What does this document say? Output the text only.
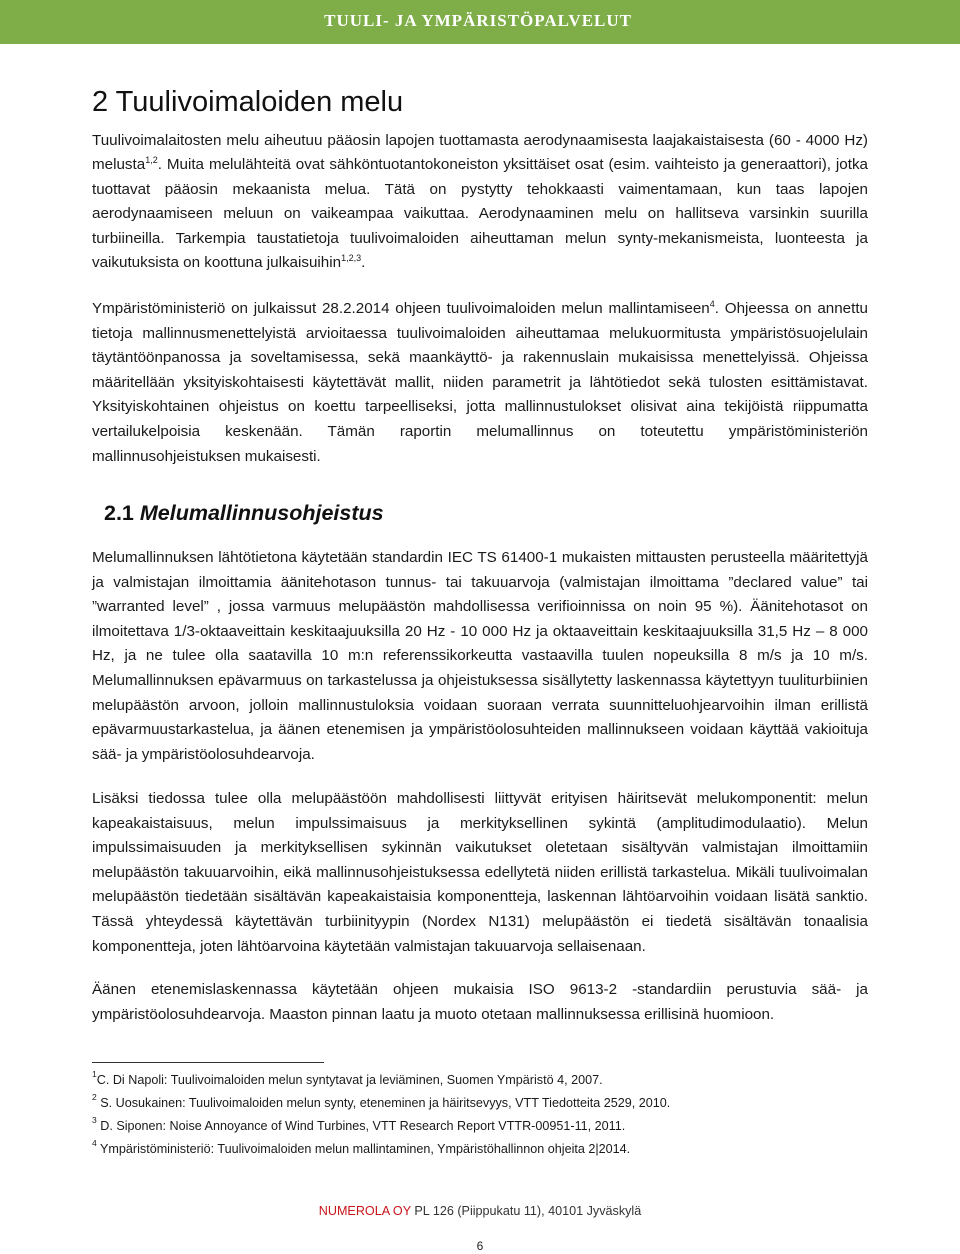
TUULI- JA YMPÄRISTÖPALVELUT
2 Tuulivoimaloiden melu

Tuulivoimalaitosten melu aiheutuu pääosin lapojen tuottamasta aerodynaamisesta laajakaistaisesta (60 - 4000 Hz) melusta$^{1,2}$. Muita melulähteitä ovat sähköntuotantokoneiston yksittäiset osat (esim. vaihteisto ja generaattori), jotka tuottavat pääosin mekaanista melua. Tätä on pystytty tehokkaasti vaimentamaan, kun taas lapojen aerodynaamiseen meluun on vaikeampaa vaikuttaa. Aerodynaaminen melu on hallitseva varsinkin suurilla turbiineilla. Tarkempia taustatietoja tuulivoimaloiden aiheuttaman melun synty-mekanismeista, luonteesta ja vaikutuksista on koottuna julkaisuihin$^{1,2,3}$.

Ympäristöministeriö on julkaissut 28.2.2014 ohjeen tuulivoimaloiden melun mallintamiseen$^4$. Ohjeessa on annettu tietoja mallinnusmenettelyistä arvioitaessa tuulivoimaloiden aiheuttamaa melukuormitusta ympäristösuojelulain täytäntöönpanossa ja soveltamisessa, sekä maankäyttö- ja rakennuslain mukaisissa menettelyissä. Ohjeissa määritellään yksityiskohtaisesti käytettävät mallit, niiden parametrit ja lähtötiedot sekä tulosten esittämistavat. Yksityiskohtainen ohjeistus on koettu tarpeelliseksi, jotta mallinnustulokset olisivat aina tekijöistä riippumatta vertailukelpoisia keskenään. Tämän raportin melumallinnus on toteutettu ympäristöministeriön mallinnusohjeistuksen mukaisesti.

2.1 Melumallinnusohjeistus

Melumallinnuksen lähtötietona käytetään standardin IEC TS 61400-1 mukaisten mittausten perusteella määritettyjä ja valmistajan ilmoittamia äänitehotason tunnus- tai takuuarvoja (valmistajan ilmoittama ”declared value” tai ”warranted level” , jossa varmuus melupäästön mahdollisessa verifioinnissa on noin 95 %). Äänitehotasot on ilmoitettava 1/3-oktaaveittain keskitaajuuksilla 20 Hz - 10 000 Hz ja oktaaveittain keskitaajuuksilla 31,5 Hz – 8 000 Hz, ja ne tulee olla saatavilla 10 m:n referenssikorkeutta vastaavilla tuulen nopeuksilla 8 m/s ja 10 m/s. Melumallinnuksen epävarmuus on tarkastelussa ja ohjeistuksessa sisällytetty laskennassa käytettyyn tuuliturbiinien melupäästön arvoon, jolloin mallinnustuloksia voidaan suoraan verrata suunnitteluohjearvoihin ilman erillistä epävarmuustarkastelua, ja äänen etenemisen ja ympäristöolosuhteiden mallinnukseen voidaan käyttää vakioituja sää- ja ympäristöolosuhdearvoja.

Lisäksi tiedossa tulee olla melupäästöön mahdollisesti liittyvät erityisen häiritsevät melukomponentit: melun kapeakaistaisuus, melun impulssimaisuus ja merkityksellinen sykintä (amplitudimodulaatio). Melun impulssimaisuuden ja merkityksellisen sykinnän vaikutukset oletetaan sisältyvän valmistajan ilmoittamiin melupäästön takuuarvoihin, eikä mallinnusohjeistuksessa edellytetä niiden erillistä tarkastelua. Mikäli tuulivoimalan melupäästön tiedetään sisältävän kapeakaistaisia komponentteja, laskennan lähtöarvoihin voidaan lisätä sanktio. Tässä yhteydessä käytettävän turbiinityypin (Nordex N131) melupäästön ei tiedetä sisältävän tonaalisia komponentteja, joten lähtöarvoina käytetään valmistajan takuuarvoja sellaisenaan.

Äänen etenemislaskennassa käytetään ohjeen mukaisia ISO 9613-2 -standardiin perustuvia sää- ja ympäristöolosuhdearvoja. Maaston pinnan laatu ja muoto otetaan mallinnuksessa erillisinä huomioon.

$^1$C. Di Napoli: Tuulivoimaloiden melun syntytavat ja leviäminen, Suomen Ympäristö 4, 2007.

$^2$ S. Uosukainen: Tuulivoimaloiden melun synty, eteneminen ja häiritsevyys, VTT Tiedotteita 2529, 2010.

$^3$ D. Siponen: Noise Annoyance of Wind Turbines, VTT Research Report VTTR-00951-11, 2011.

$^4$ Ympäristöministeriö: Tuulivoimaloiden melun mallintaminen, Ympäristöhallinnon ohjeita 2|2014.

NUMEROLA OY PL 126 (Piippukatu 11), 40101 Jyväskylä
6
